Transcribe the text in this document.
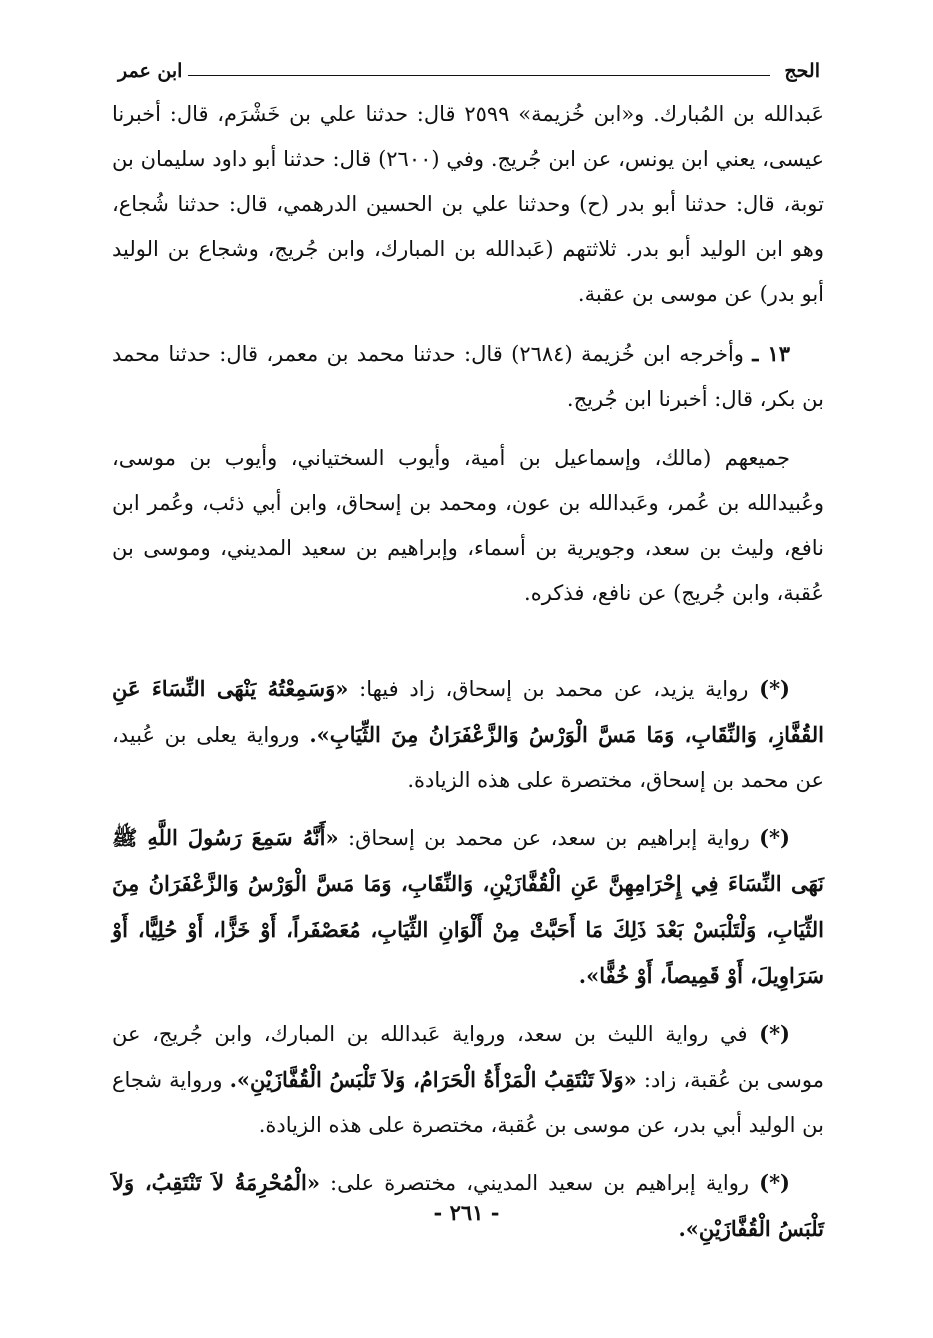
الحج
ابن عمر

عَبدالله بن المُبارك. و«ابن خُزيمة» ٢٥٩٩ قال: حدثنا علي بن خَشْرَم، قال: أخبرنا عيسى، يعني ابن يونس، عن ابن جُريج. وفي (٢٦٠٠) قال: حدثنا أبو داود سليمان بن توبة، قال: حدثنا أبو بدر (ح) وحدثنا علي بن الحسين الدرهمي، قال: حدثنا شُجاع، وهو ابن الوليد أبو بدر. ثلاثتهم (عَبدالله بن المبارك، وابن جُريج، وشجاع بن الوليد أبو بدر) عن موسى بن عقبة.

١٣ ـ وأخرجه ابن خُزيمة (٢٦٨٤) قال: حدثنا محمد بن معمر، قال: حدثنا محمد بن بكر، قال: أخبرنا ابن جُريج.

جميعهم (مالك، وإسماعيل بن أمية، وأيوب السختياني، وأيوب بن موسى، وعُبيدالله بن عُمر، وعَبدالله بن عون، ومحمد بن إسحاق، وابن أبي ذئب، وعُمر ابن نافع، وليث بن سعد، وجويرية بن أسماء، وإبراهيم بن سعيد المديني، وموسى بن عُقبة، وابن جُريج) عن نافع، فذكره.

(*) رواية يزيد، عن محمد بن إسحاق، زاد فيها: «وَسَمِعْتُهُ يَنْهَى النِّسَاءَ عَنِ القُفَّازِ، وَالنِّقَابِ، وَمَا مَسَّ الْوَرْسُ وَالزَّعْفَرَانُ مِنَ الثِّيَابِ». ورواية يعلى بن عُبيد، عن محمد بن إسحاق، مختصرة على هذه الزيادة.

(*) رواية إبراهيم بن سعد، عن محمد بن إسحاق: «أَنَّهُ سَمِعَ رَسُولَ اللَّهِ ﷺ نَهَى النِّسَاءَ فِي إِحْرَامِهِنَّ عَنِ الْقُفَّازَيْنِ، وَالنِّقَابِ، وَمَا مَسَّ الْوَرْسُ وَالزَّعْفَرَانُ مِنَ الثِّيَابِ، وَلْتَلْبَسْ بَعْدَ ذَلِكَ مَا أَحَبَّتْ مِنْ أَلْوَانِ الثِّيَابِ، مُعَصْفَراً، أَوْ خَزًّا، أَوْ حُلِيًّا، أَوْ سَرَاوِيلَ، أَوْ قَمِيصاً، أَوْ خُفًّا».

(*) في رواية الليث بن سعد، ورواية عَبدالله بن المبارك، وابن جُريج، عن موسى بن عُقبة، زاد: «وَلاَ تَنْتَقِبُ الْمَرْأَةُ الْحَرَامُ، وَلاَ تَلْبَسُ الْقُفَّازَيْنِ». ورواية شجاع بن الوليد أبي بدر، عن موسى بن عُقبة، مختصرة على هذه الزيادة.

(*) رواية إبراهيم بن سعيد المديني، مختصرة على: «الْمُحْرِمَةُ لاَ تَنْتَقِبُ، وَلاَ تَلْبَسُ الْقُفَّازَيْنِ».

- ٢٦١ -
